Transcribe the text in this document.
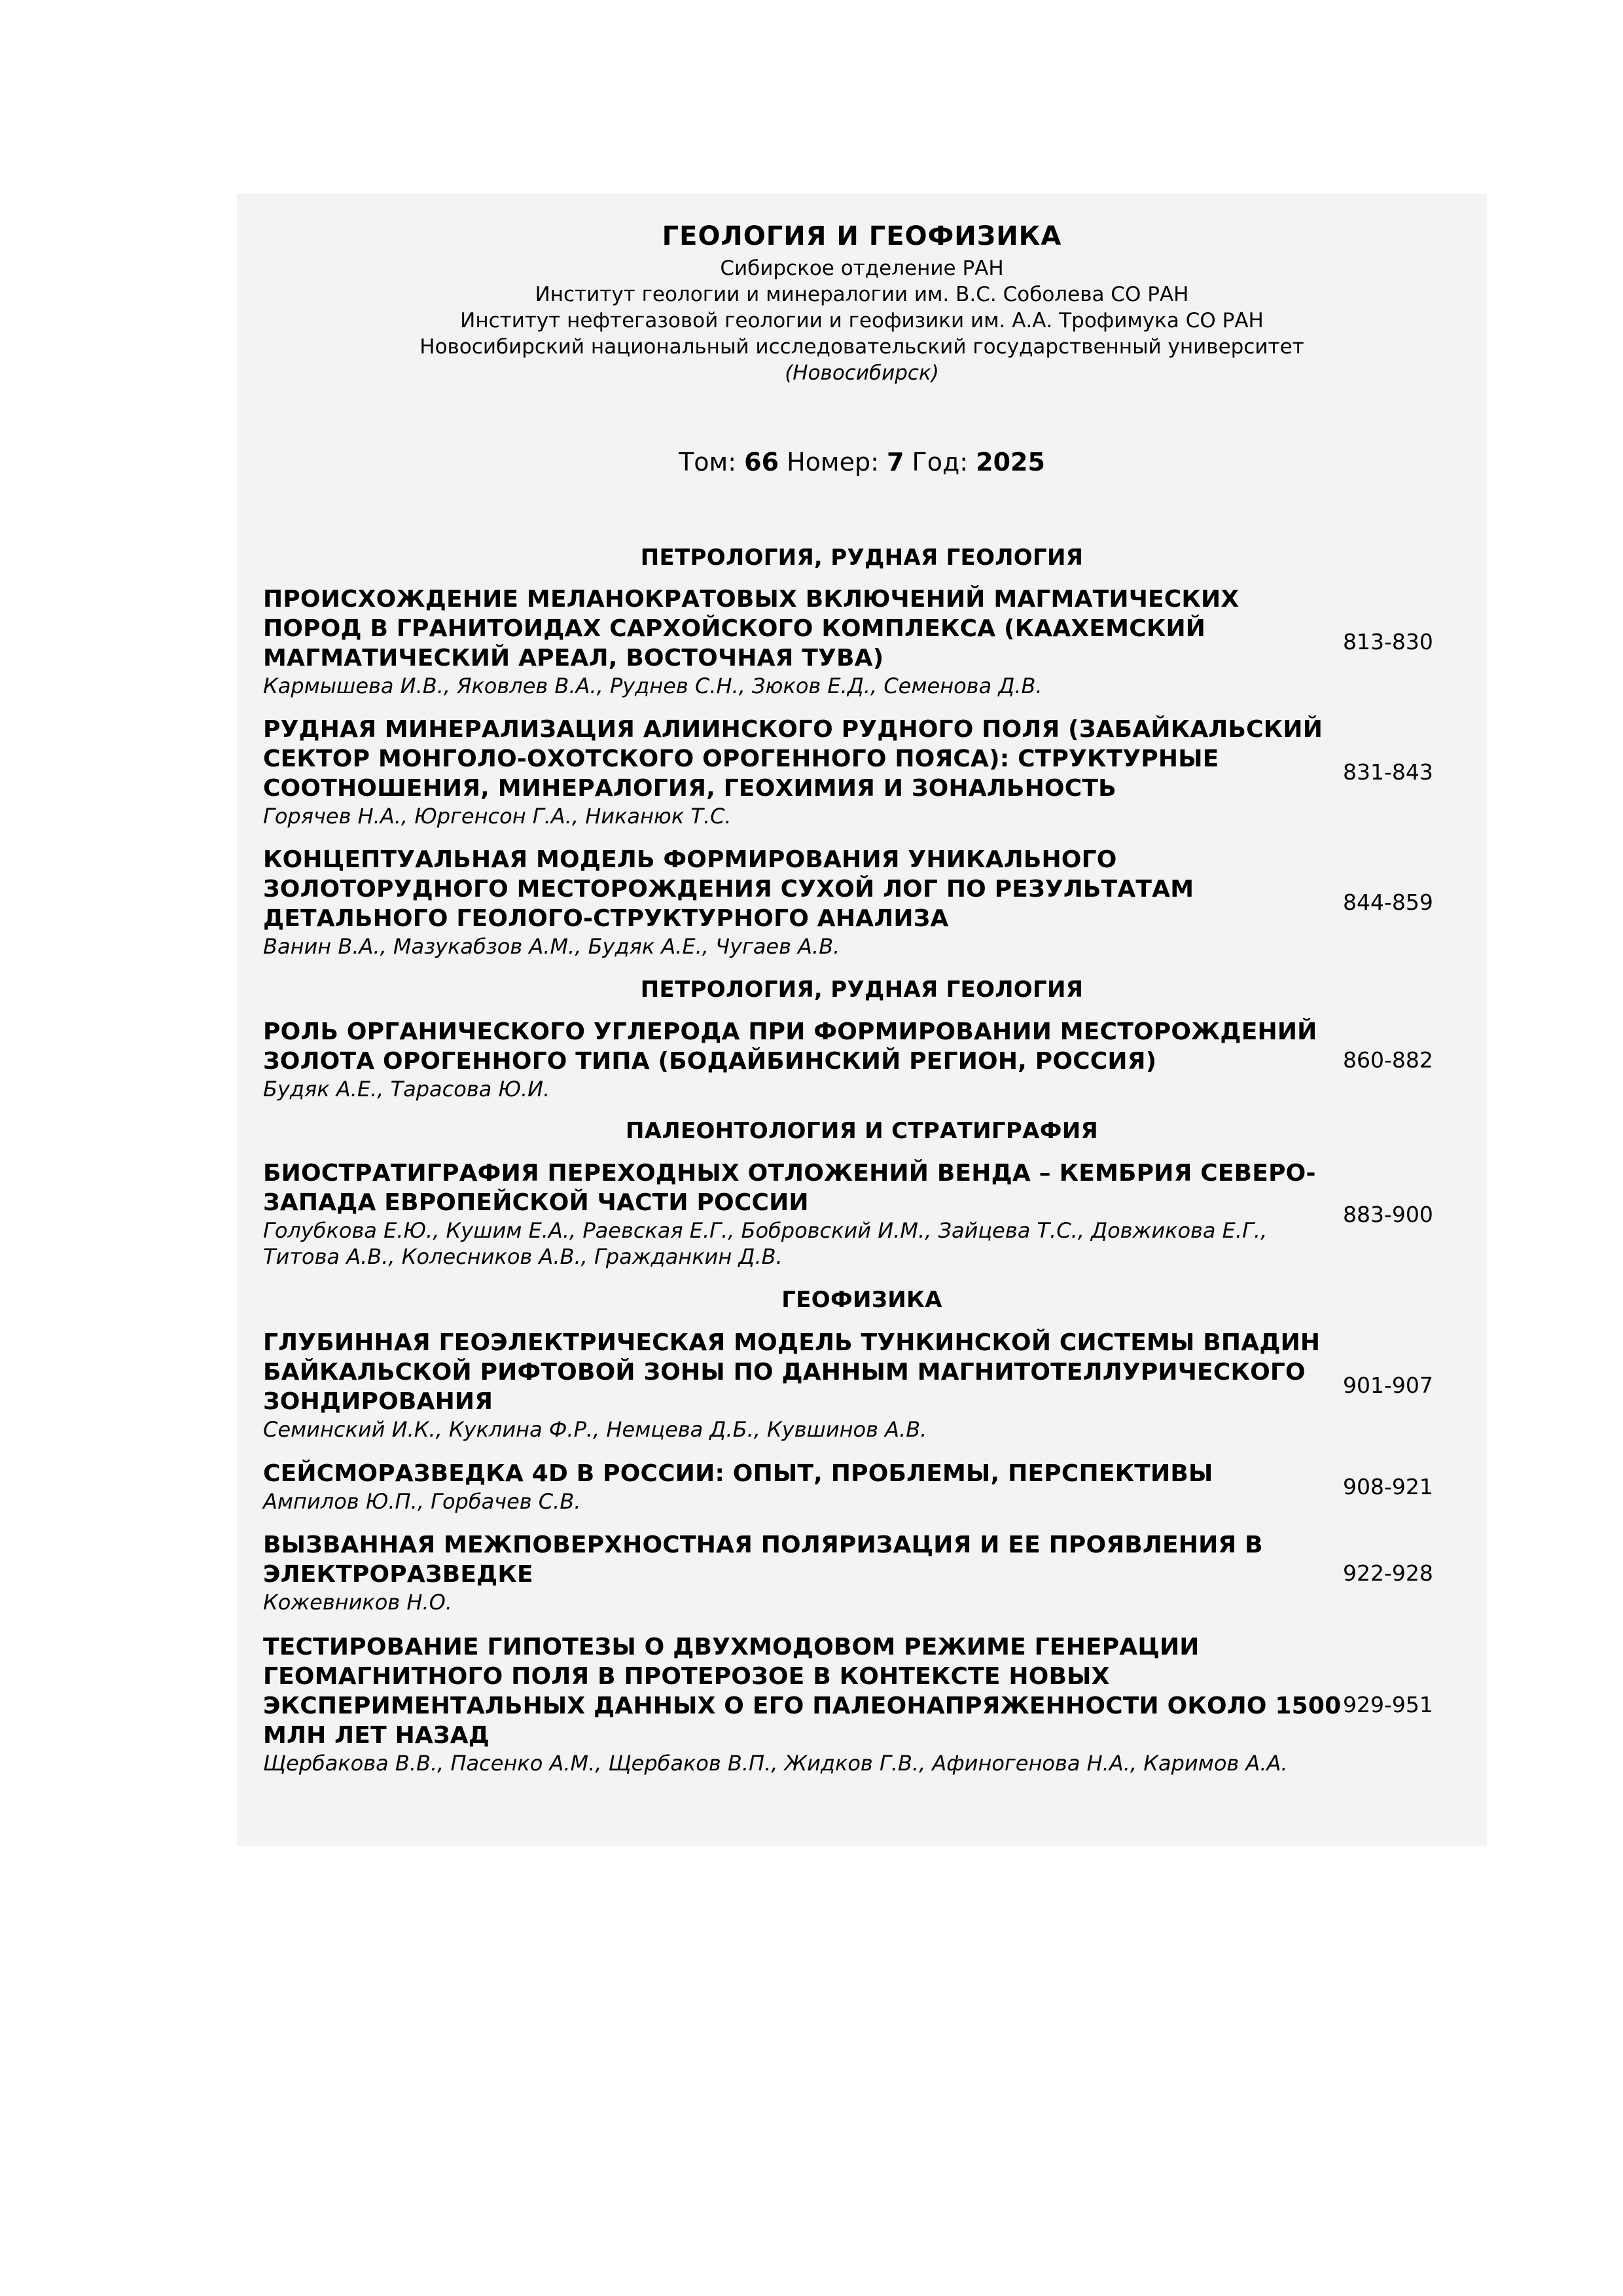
ГЕОЛОГИЯ И ГЕОФИЗИКА
Сибирское отделение РАН
Институт геологии и минералогии им. В.С. Соболева СО РАН
Институт нефтегазовой геологии и геофизики им. А.А. Трофимука СО РАН
Новосибирский национальный исследовательский государственный университет
(Новосибирск)
Том: 66 Номер: 7 Год: 2025
ПЕТРОЛОГИЯ, РУДНАЯ ГЕОЛОГИЯ
ПРОИСХОЖДЕНИЕ МЕЛАНОКРАТОВЫХ ВКЛЮЧЕНИЙ МАГМАТИЧЕСКИХ ПОРОД В ГРАНИТОИДАХ САРХОЙСКОГО КОМПЛЕКСА (КААХЕМСКИЙ МАГМАТИЧЕСКИЙ АРЕАЛ, ВОСТОЧНАЯ ТУВА)
Кармышева И.В., Яковлев В.А., Руднев С.Н., Зюков Е.Д., Семенова Д.В.
813-830
РУДНАЯ МИНЕРАЛИЗАЦИЯ АЛИИНСКОГО РУДНОГО ПОЛЯ (ЗАБАЙКАЛЬСКИЙ СЕКТОР МОНГОЛО-ОХОТСКОГО ОРОГЕННОГО ПОЯСА): СТРУКТУРНЫЕ СООТНОШЕНИЯ, МИНЕРАЛОГИЯ, ГЕОХИМИЯ И ЗОНАЛЬНОСТЬ
Горячев Н.А., Юргенсон Г.А., Никанюк Т.С.
831-843
КОНЦЕПТУАЛЬНАЯ МОДЕЛЬ ФОРМИРОВАНИЯ УНИКАЛЬНОГО ЗОЛОТОРУДНОГО МЕСТОРОЖДЕНИЯ СУХОЙ ЛОГ ПО РЕЗУЛЬТАТАМ ДЕТАЛЬНОГО ГЕОЛОГО-СТРУКТУРНОГО АНАЛИЗА
Ванин В.А., Мазукабзов А.М., Будяк А.Е., Чугаев А.В.
844-859
ПЕТРОЛОГИЯ, РУДНАЯ ГЕОЛОГИЯ
РОЛЬ ОРГАНИЧЕСКОГО УГЛЕРОДА ПРИ ФОРМИРОВАНИИ МЕСТОРОЖДЕНИЙ ЗОЛОТА ОРОГЕННОГО ТИПА (БОДАЙБИНСКИЙ РЕГИОН, РОССИЯ)
Будяк А.Е., Тарасова Ю.И.
860-882
ПАЛЕОНТОЛОГИЯ И СТРАТИГРАФИЯ
БИОСТРАТИГРАФИЯ ПЕРЕХОДНЫХ ОТЛОЖЕНИЙ ВЕНДА – КЕМБРИЯ СЕВЕРО-ЗАПАДА ЕВРОПЕЙСКОЙ ЧАСТИ РОССИИ
Голубкова Е.Ю., Кушим Е.А., Раевская Е.Г., Бобровский И.М., Зайцева Т.С., Довжикова Е.Г., Титова А.В., Колесников А.В., Гражданкин Д.В.
883-900
ГЕОФИЗИКА
ГЛУБИННАЯ ГЕОЭЛЕКТРИЧЕСКАЯ МОДЕЛЬ ТУНКИНСКОЙ СИСТЕМЫ ВПАДИН БАЙКАЛЬСКОЙ РИФТОВОЙ ЗОНЫ ПО ДАННЫМ МАГНИТОТЕЛЛУРИЧЕСКОГО ЗОНДИРОВАНИЯ
Семинский И.К., Куклина Ф.Р., Немцева Д.Б., Кувшинов А.В.
901-907
СЕЙСМОРАЗВЕДКА 4D В РОССИИ: ОПЫТ, ПРОБЛЕМЫ, ПЕРСПЕКТИВЫ
Ампилов Ю.П., Горбачев С.В.
908-921
ВЫЗВАННАЯ МЕЖПОВЕРХНОСТНАЯ ПОЛЯРИЗАЦИЯ И ЕЕ ПРОЯВЛЕНИЯ В ЭЛЕКТРОРАЗВЕДКЕ
Кожевников Н.О.
922-928
ТЕСТИРОВАНИЕ ГИПОТЕЗЫ О ДВУХМОДОВОМ РЕЖИМЕ ГЕНЕРАЦИИ ГЕОМАГНИТНОГО ПОЛЯ В ПРОТЕРОЗОЕ В КОНТЕКСТЕ НОВЫХ ЭКСПЕРИМЕНТАЛЬНЫХ ДАННЫХ О ЕГО ПАЛЕОНАПРЯЖЕННОСТИ ОКОЛО 1500 МЛН ЛЕТ НАЗАД
Щербакова В.В., Пасенко А.М., Щербаков В.П., Жидков Г.В., Афиногенова Н.А., Каримов А.А.
929-951
